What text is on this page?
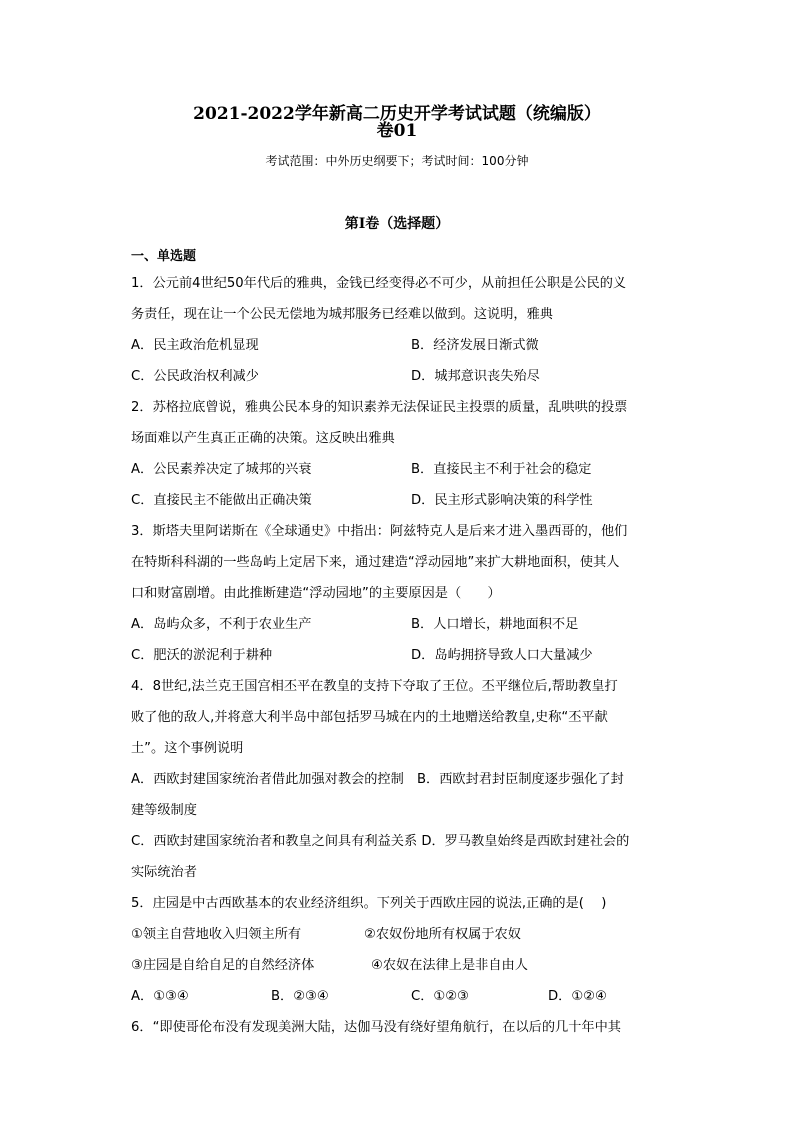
2021-2022学年新高二历史开学考试试题（统编版）
卷01
考试范围：中外历史纲要下；考试时间：100分钟
第I卷（选择题）
一、单选题
1．公元前4世纪50年代后的雅典，金钱已经变得必不可少，从前担任公职是公民的义
务责任，现在让一个公民无偿地为城邦服务已经难以做到。这说明，雅典
A．民主政治危机显现	B．经济发展日渐式微
C．公民政治权利减少	D．城邦意识丧失殆尽
2．苏格拉底曾说，雅典公民本身的知识素养无法保证民主投票的质量，乱哄哄的投票
场面难以产生真正正确的决策。这反映出雅典
A．公民素养决定了城邦的兴衰	B．直接民主不利于社会的稳定
C．直接民主不能做出正确决策	D．民主形式影响决策的科学性
3．斯塔夫里阿诺斯在《全球通史》中指出：阿兹特克人是后来才进入墨西哥的，他们
在特斯科科湖的一些岛屿上定居下来，通过建造“浮动园地”来扩大耕地面积，使其人
口和财富剧增。由此推断建造“浮动园地”的主要原因是（　　）
A．岛屿众多，不利于农业生产	B．人口增长，耕地面积不足
C．肥沃的淤泥利于耕种	D．岛屿拥挤导致人口大量减少
4．8世纪,法兰克王国宫相丕平在教皇的支持下夺取了王位。丕平继位后,帮助教皇打
败了他的敌人,并将意大利半岛中部包括罗马城在内的土地赠送给教皇,史称“丕平献
土”。这个事例说明
A．西欧封建国家统治者借此加强对教会的控制　B．西欧封君封臣制度逐步强化了封
建等级制度
C．西欧封建国家统治者和教皇之间具有利益关系 D．罗马教皇始终是西欧封建社会的
实际统治者
5．庄园是中古西欧基本的农业经济组织。下列关于西欧庄园的说法,正确的是(　 )
①领主自营地收入归领主所有	②农奴份地所有权属于农奴
③庄园是自给自足的自然经济体	④农奴在法律上是非自由人
A．①③④	B．②③④	C．①②③	D．①②④
6．“即使哥伦布没有发现美洲大陆，达伽马没有绕好望角航行，在以后的几十年中其
